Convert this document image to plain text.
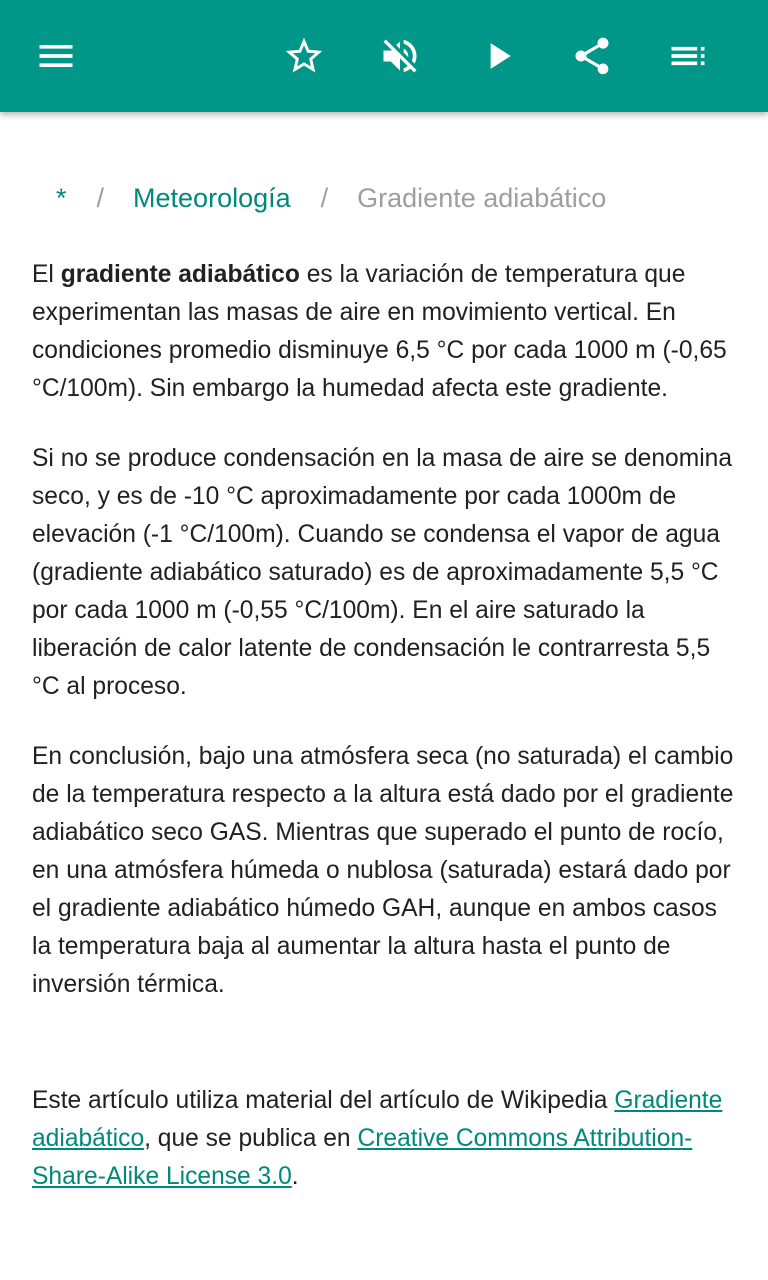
* / Meteorología / Gradiente adiabático

El gradiente adiabático es la variación de temperatura que experimentan las masas de aire en movimiento vertical. En condiciones promedio disminuye 6,5 °C por cada 1000 m (-0,65 °C/100m). Sin embargo la humedad afecta este gradiente.

Si no se produce condensación en la masa de aire se denomina seco, y es de -10 °C aproximadamente por cada 1000m de elevación (-1 °C/100m). Cuando se condensa el vapor de agua (gradiente adiabático saturado) es de aproximadamente 5,5 °C por cada 1000 m (-0,55 °C/100m). En el aire saturado la liberación de calor latente de condensación le contrarresta 5,5 °C al proceso.

En conclusión, bajo una atmósfera seca (no saturada) el cambio de la temperatura respecto a la altura está dado por el gradiente adiabático seco GAS. Mientras que superado el punto de rocío, en una atmósfera húmeda o nublosa (saturada) estará dado por el gradiente adiabático húmedo GAH, aunque en ambos casos la temperatura baja al aumentar la altura hasta el punto de inversión térmica.

Este artículo utiliza material del artículo de Wikipedia Gradiente adiabático, que se publica en Creative Commons Attribution-Share-Alike License 3.0.
